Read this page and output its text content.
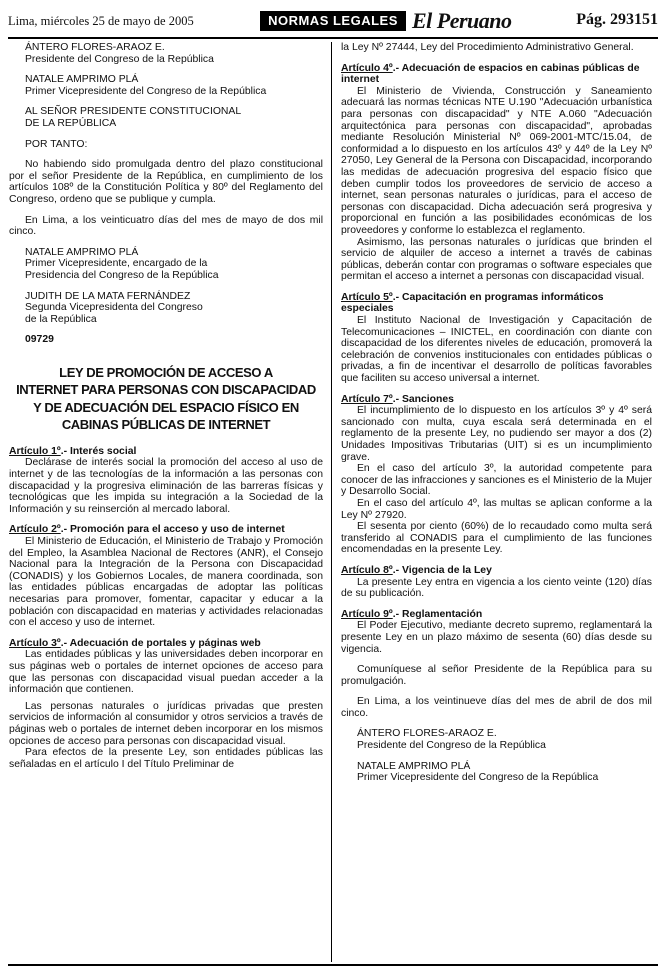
Lima, miércoles 25 de mayo de 2005	NORMAS LEGALES El Peruano	Pág. 293151

ÁNTERO FLORES-ARAOZ E.

Presidente del Congreso de la República

NATALE AMPRIMO PLÁ

Primer Vicepresidente del Congreso de la República

AL SEÑOR PRESIDENTE CONSTITUCIONAL

DE LA REPÚBLICA

POR TANTO:

No habiendo sido promulgada dentro del plazo constitucional por el señor Presidente de la República, en cumplimiento de los artículos 108º de la Constitución Política y 80º del Reglamento del Congreso, ordeno que se publique y cumpla.

En Lima, a los veinticuatro días del mes de mayo de dos mil cinco.

NATALE AMPRIMO PLÁ

Primer Vicepresidente, encargado de la

Presidencia del Congreso de la República

JUDITH DE LA MATA FERNÁNDEZ

Segunda Vicepresidenta del Congreso

de la República

09729

LEY DE PROMOCIÓN DE ACCESO A
INTERNET PARA PERSONAS CON DISCAPACIDAD
Y DE ADECUACIÓN DEL ESPACIO FÍSICO EN
CABINAS PÚBLICAS DE INTERNET

Artículo 1º.- Interés social

Declárase de interés social la promoción del acceso al uso de internet y de las tecnologías de la información a las personas con discapacidad y la progresiva eliminación de las barreras físicas y tecnológicas que les impida su integración a la Sociedad de la Información y su reinserción al mercado laboral.

Artículo 2º.- Promoción para el acceso y uso de internet

El Ministerio de Educación, el Ministerio de Trabajo y Promoción del Empleo, la Asamblea Nacional de Rectores (ANR), el Consejo Nacional para la Integración de la Persona con Discapacidad (CONADIS) y los Gobiernos Locales, de manera coordinada, son las entidades públicas encargadas de adoptar las políticas necesarias para promover, fomentar, capacitar y educar a la población con discapacidad en materias y actividades relacionadas con el acceso y uso de internet.

Artículo 3º.- Adecuación de portales y páginas web

Las entidades públicas y las universidades deben incorporar en sus páginas web o portales de internet opciones de acceso para que las personas con discapacidad visual puedan acceder a la información que contienen.

Las personas naturales o jurídicas privadas que presten servicios de información al consumidor y otros servicios a través de páginas web o portales de internet deben incorporar en los mismos opciones de acceso para personas con discapacidad visual.

Para efectos de la presente Ley, son entidades públicas las señaladas en el artículo I del Título Preliminar de

la Ley Nº 27444, Ley del Procedimiento Administrativo General.

Artículo 4º.- Adecuación de espacios en cabinas públicas de internet

El Ministerio de Vivienda, Construcción y Saneamiento adecuará las normas técnicas NTE U.190 "Adecuación urbanística para personas con discapacidad" y NTE A.060 "Adecuación arquitectónica para personas con discapacidad", aprobadas mediante Resolución Ministerial Nº 069-2001-MTC/15.04, de conformidad a lo dispuesto en los artículos 43º y 44º de la Ley Nº 27050, Ley General de la Persona con Discapacidad, incorporando las medidas de adecuación progresiva del espacio físico que deben cumplir todos los proveedores de servicio de acceso a internet, sean personas naturales o jurídicas, para el acceso de personas con discapacidad. Dicha adecuación será progresiva y proporcional en función a las posibilidades económicas de los proveedores y conforme lo establezca el reglamento.

Asimismo, las personas naturales o jurídicas que brinden el servicio de alquiler de acceso a internet a través de cabinas públicas, deberán contar con programas o software especiales que permitan el acceso a internet a personas con discapacidad visual.

Artículo 5º.- Capacitación en programas informáticos especiales

El Instituto Nacional de Investigación y Capacitación de Telecomunicaciones – INICTEL, en coordinación con diante con discapacidad de los diferentes niveles de educación, promoverá la celebración de convenios institucionales con entidades públicas o privadas, a fin de incentivar el desarrollo de políticas favorables que faciliten su acceso universal a internet.

Artículo 7º.- Sanciones

El incumplimiento de lo dispuesto en los artículos 3º y 4º será sancionado con multa, cuya escala será determinada en el reglamento de la presente Ley, no pudiendo ser mayor a dos (2) Unidades Impositivas Tributarias (UIT) si es un incumplimiento grave.

En el caso del artículo 3º, la autoridad competente para conocer de las infracciones y sanciones es el Ministerio de la Mujer y Desarrollo Social.

En el caso del artículo 4º, las multas se aplican conforme a la Ley Nº 27920.

El sesenta por ciento (60%) de lo recaudado como multa será transferido al CONADIS para el cumplimiento de las funciones encomendadas en la presente Ley.

Artículo 8º.- Vigencia de la Ley

La presente Ley entra en vigencia a los ciento veinte (120) días de su publicación.

Artículo 9º.- Reglamentación

El Poder Ejecutivo, mediante decreto supremo, reglamentará la presente Ley en un plazo máximo de sesenta (60) días desde su vigencia.

Comuníquese al señor Presidente de la República para su promulgación.

En Lima, a los veintinueve días del mes de abril de dos mil cinco.

ÁNTERO FLORES-ARAOZ E.

Presidente del Congreso de la República

NATALE AMPRIMO PLÁ

Primer Vicepresidente del Congreso de la República
